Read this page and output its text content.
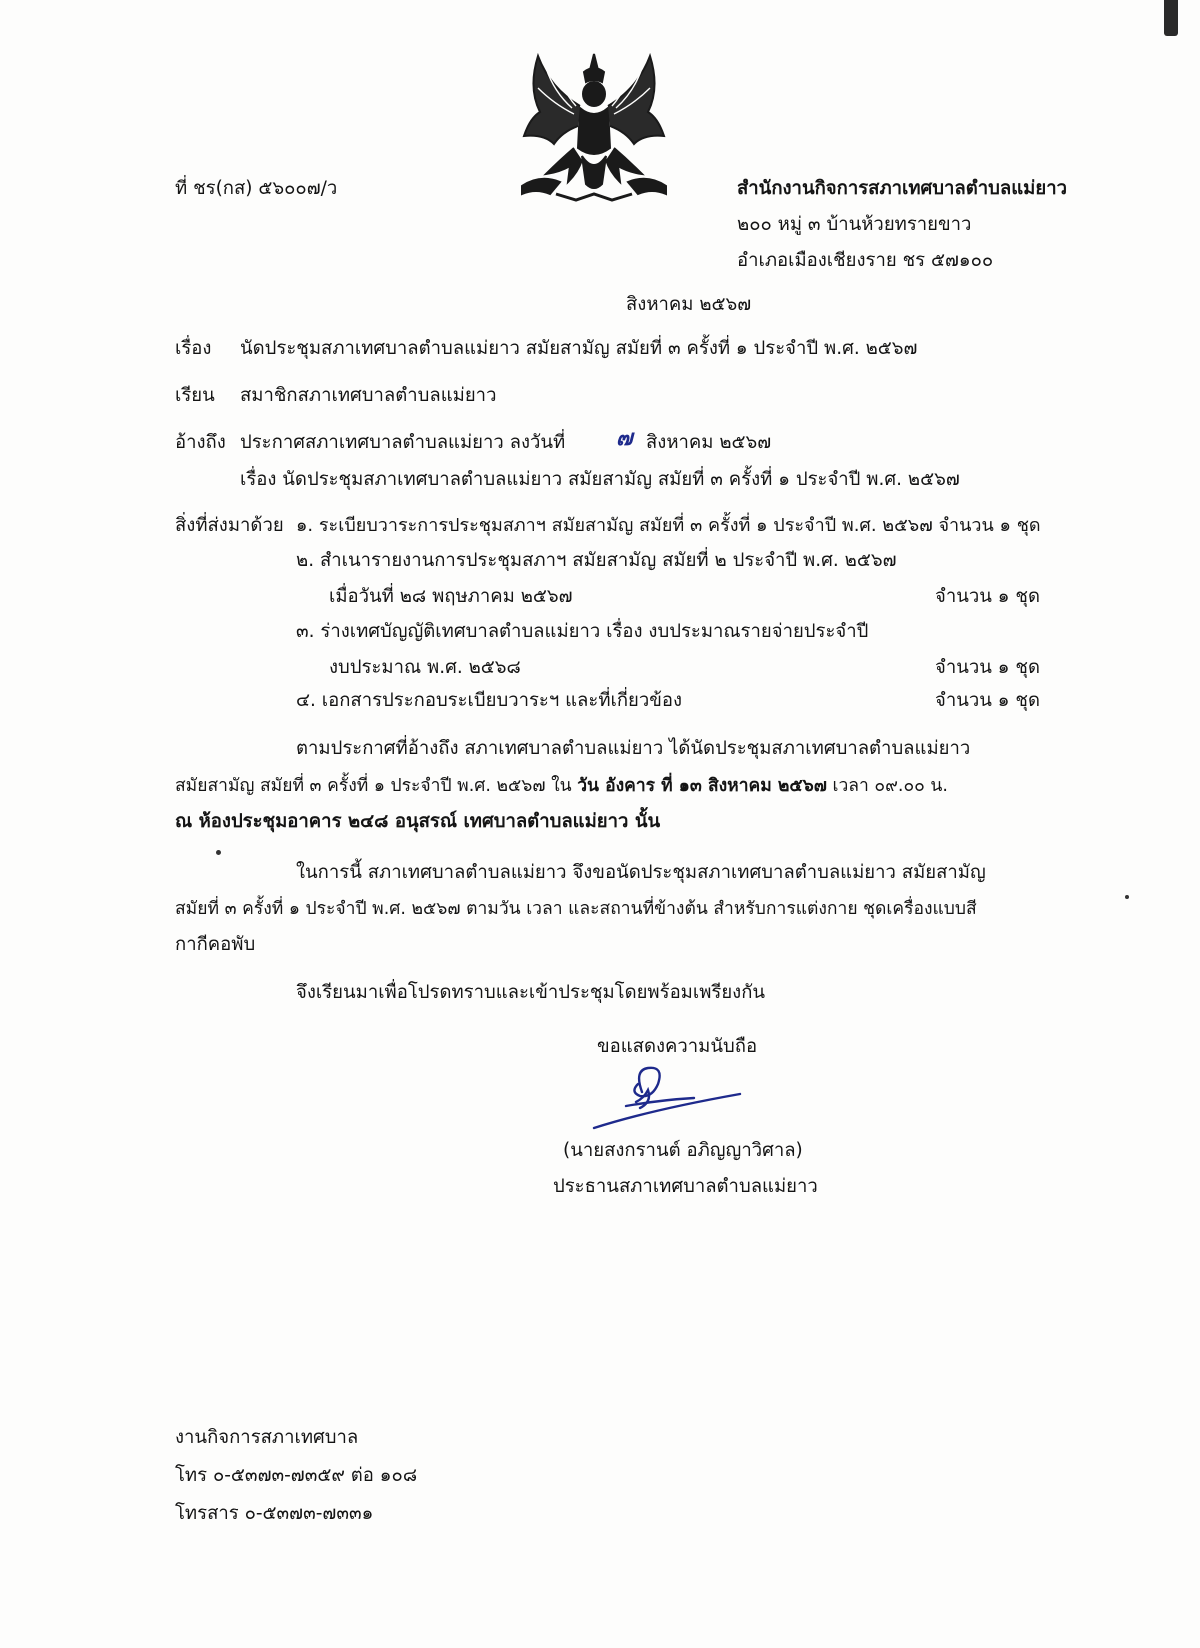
ที่ ชร(กส) ๕๖๐๐๗/ว	สำนักงานกิจการสภาเทศบาลตำบลแม่ยาว
๒๐๐ หมู่ ๓ บ้านห้วยทรายขาว
อำเภอเมืองเชียงราย ชร ๕๗๑๐๐
สิงหาคม ๒๕๖๗
เรื่อง นัดประชุมสภาเทศบาลตำบลแม่ยาว สมัยสามัญ สมัยที่ ๓ ครั้งที่ ๑ ประจำปี พ.ศ. ๒๕๖๗
เรียน สมาชิกสภาเทศบาลตำบลแม่ยาว
อ้างถึง ประกาศสภาเทศบาลตำบลแม่ยาว ลงวันที่ ๗ สิงหาคม ๒๕๖๗
เรื่อง นัดประชุมสภาเทศบาลตำบลแม่ยาว สมัยสามัญ สมัยที่ ๓ ครั้งที่ ๑ ประจำปี พ.ศ. ๒๕๖๗
สิ่งที่ส่งมาด้วย ๑. ระเบียบวาระการประชุมสภาฯ สมัยสามัญ สมัยที่ ๓ ครั้งที่ ๑ ประจำปี พ.ศ. ๒๕๖๗ จำนวน ๑ ชุด
๒. สำเนารายงานการประชุมสภาฯ สมัยสามัญ สมัยที่ ๒ ประจำปี พ.ศ. ๒๕๖๗
เมื่อวันที่ ๒๘ พฤษภาคม ๒๕๖๗	จำนวน ๑ ชุด
๓. ร่างเทศบัญญัติเทศบาลตำบลแม่ยาว เรื่อง งบประมาณรายจ่ายประจำปี
งบประมาณ พ.ศ. ๒๕๖๘	จำนวน ๑ ชุด
๔. เอกสารประกอบระเบียบวาระฯ และที่เกี่ยวข้อง	จำนวน ๑ ชุด
ตามประกาศที่อ้างถึง สภาเทศบาลตำบลแม่ยาว ได้นัดประชุมสภาเทศบาลตำบลแม่ยาว
สมัยสามัญ สมัยที่ ๓ ครั้งที่ ๑ ประจำปี พ.ศ. ๒๕๖๗ ใน วัน อังคาร ที่ ๑๓ สิงหาคม ๒๕๖๗ เวลา ๐๙.๐๐ น.
ณ ห้องประชุมอาคาร ๒๔๘ อนุสรณ์ เทศบาลตำบลแม่ยาว นั้น
ในการนี้ สภาเทศบาลตำบลแม่ยาว จึงขอนัดประชุมสภาเทศบาลตำบลแม่ยาว สมัยสามัญ
สมัยที่ ๓ ครั้งที่ ๑ ประจำปี พ.ศ. ๒๕๖๗ ตามวัน เวลา และสถานที่ข้างต้น สำหรับการแต่งกาย ชุดเครื่องแบบสี
กากีคอพับ
จึงเรียนมาเพื่อโปรดทราบและเข้าประชุมโดยพร้อมเพรียงกัน
ขอแสดงความนับถือ
(นายสงกรานต์ อภิญญาวิศาล)
ประธานสภาเทศบาลตำบลแม่ยาว
งานกิจการสภาเทศบาล
โทร ๐-๕๓๗๓-๗๓๕๙ ต่อ ๑๐๘
โทรสาร ๐-๕๓๗๓-๗๓๓๑
